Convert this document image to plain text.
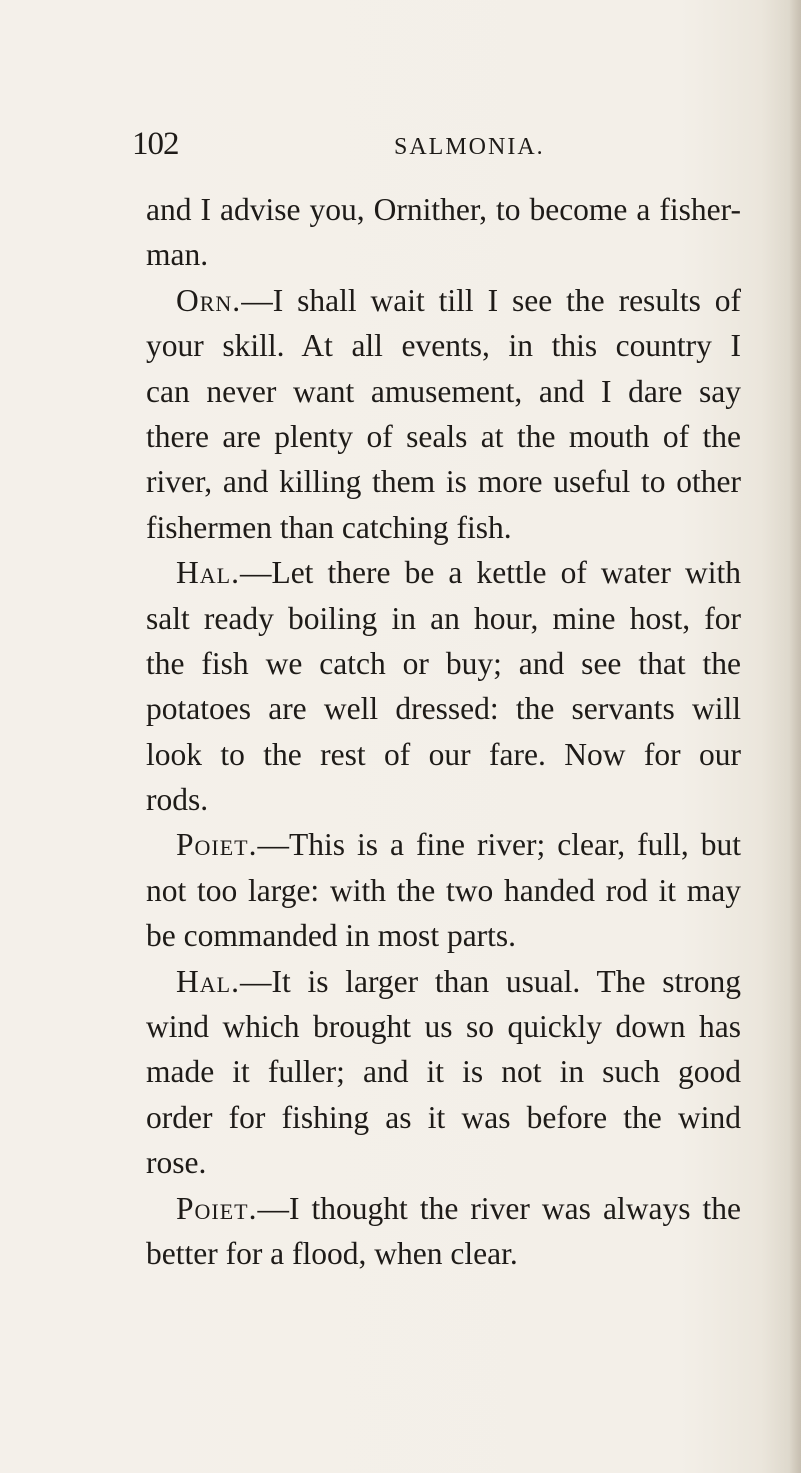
102	SALMONIA.
and I advise you, Ornither, to become a fisher-
man.
Orn.—I shall wait till I see the results of
your skill. At all events, in this country I
can never want amusement, and I dare say
there are plenty of seals at the mouth of the
river, and killing them is more useful to other
fishermen than catching fish.
Hal.—Let there be a kettle of water with
salt ready boiling in an hour, mine host, for
the fish we catch or buy; and see that the
potatoes are well dressed: the servants will
look to the rest of our fare. Now for our
rods.
Poiet.—This is a fine river; clear, full, but
not too large: with the two handed rod it may
be commanded in most parts.
Hal.—It is larger than usual. The strong
wind which brought us so quickly down has
made it fuller; and it is not in such good
order for fishing as it was before the wind
rose.
Poiet.—I thought the river was always the
better for a flood, when clear.
